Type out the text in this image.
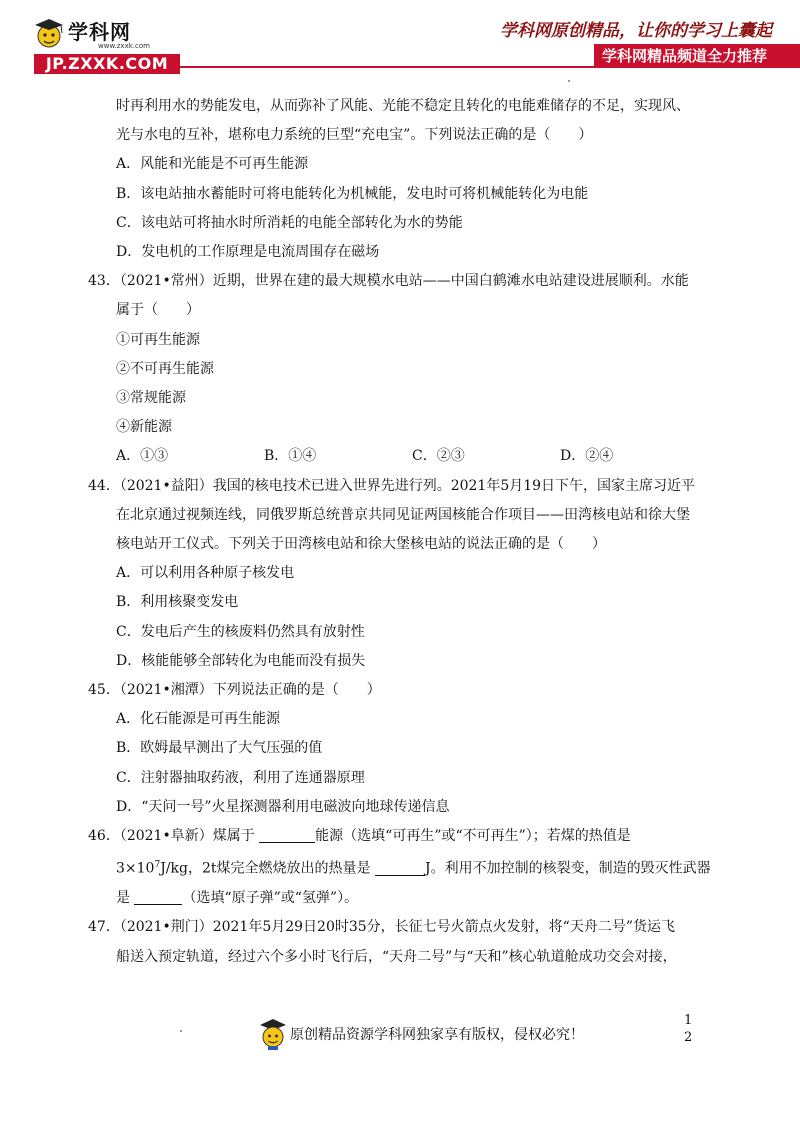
学科网
www.zxxk.com
JP.ZXXK.COM
学科网原创精品，让你的学习上囊起
学科网精品频道全力推荐
时再利用水的势能发电，从而弥补了风能、光能不稳定且转化的电能难储存的不足，实现风、
光与水电的互补，堪称电力系统的巨型“充电宝”。下列说法正确的是（　　）
A．风能和光能是不可再生能源
B．该电站抽水蓄能时可将电能转化为机械能，发电时可将机械能转化为电能
C．该电站可将抽水时所消耗的电能全部转化为水的势能
D．发电机的工作原理是电流周围存在磁场
43．（2021•常州）近期，世界在建的最大规模水电站——中国白鹤滩水电站建设进展顺利。水能
属于（　　）
①可再生能源
②不可再生能源
③常规能源
④新能源
A．①③	B．①④	C．②③	D．②④
44．（2021•益阳）我国的核电技术已进入世界先进行列。2021年5月19日下午，国家主席习近平
在北京通过视频连线，同俄罗斯总统普京共同见证两国核能合作项目——田湾核电站和徐大堡
核电站开工仪式。下列关于田湾核电站和徐大堡核电站的说法正确的是（　　）
A．可以利用各种原子核发电
B．利用核聚变发电
C．发电后产生的核废料仍然具有放射性
D．核能能够全部转化为电能而没有损失
45．（2021•湘潭）下列说法正确的是（　　）
A．化石能源是可再生能源
B．欧姆最早测出了大气压强的值
C．注射器抽取药液，利用了连通器原理
D．“天问一号”火星探测器利用电磁波向地球传递信息
46．（2021•阜新）煤属于	能源（选填“可再生”或“不可再生”）；若煤的热值是
$3\times 10^7J/kg$，2t煤完全燃烧放出的热量是	J。利用不加控制的核裂变，制造的毁灭性武器
是	（选填“原子弹”或“氢弹”）。
47．（2021•荆门）2021年5月29日20时35分，长征七号火箭点火发射，将“天舟二号”货运飞
船送入预定轨道，经过六个多小时飞行后，“天舟二号”与“天和”核心轨道舱成功交会对接，
原创精品资源学科网独家享有版权，侵权必究！
1
2
